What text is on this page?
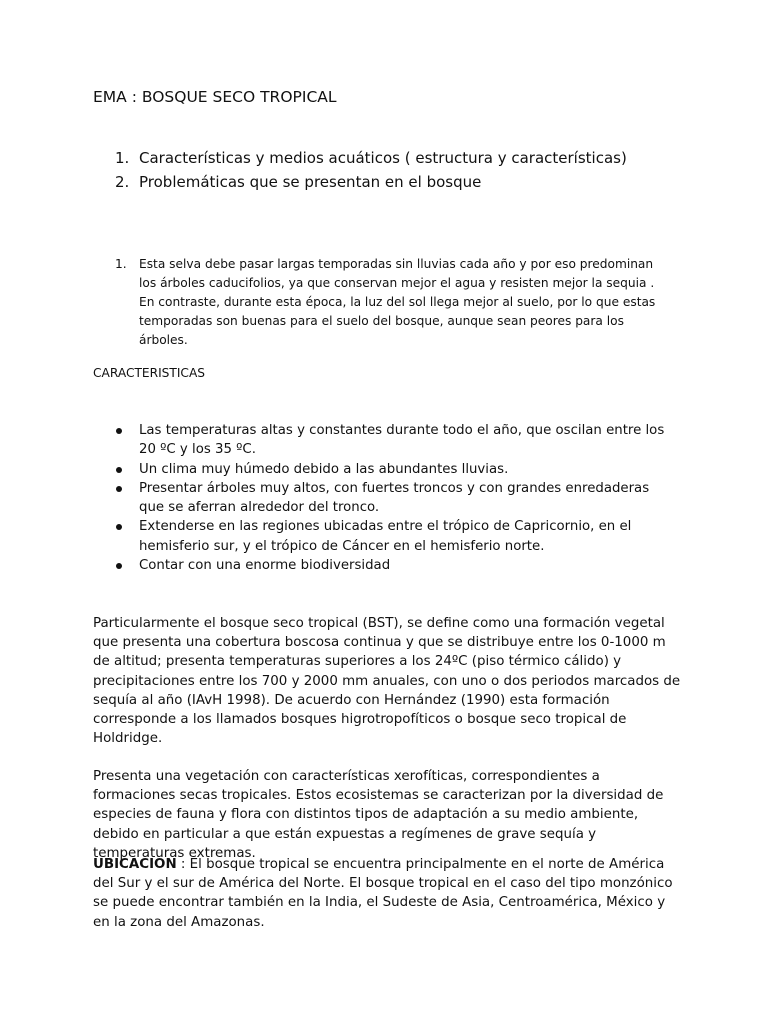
EMA : BOSQUE SECO TROPICAL
1. Características y medios acuáticos ( estructura y características)
2. Problemáticas que se presentan en el bosque
1. Esta selva debe pasar largas temporadas sin lluvias cada año y por eso predominan los árboles caducifolios, ya que conservan mejor el agua y resisten mejor la sequia . En contraste, durante esta época, la luz del sol llega mejor al suelo, por lo que estas temporadas son buenas para el suelo del bosque, aunque sean peores para los árboles.
CARACTERISTICAS
Las temperaturas altas y constantes durante todo el año, que oscilan entre los 20 ºC y los 35 ºC.
Un clima muy húmedo debido a las abundantes lluvias.
Presentar árboles muy altos, con fuertes troncos y con grandes enredaderas que se aferran alrededor del tronco.
Extenderse en las regiones ubicadas entre el trópico de Capricornio, en el hemisferio sur, y el trópico de Cáncer en el hemisferio norte.
Contar con una enorme biodiversidad

Particularmente el bosque seco tropical (BST), se define como una formación vegetal que presenta una cobertura boscosa continua y que se distribuye entre los 0-1000 m de altitud; presenta temperaturas superiores a los 24ºC (piso térmico cálido) y precipitaciones entre los 700 y 2000 mm anuales, con uno o dos periodos marcados de sequía al año (IAvH 1998). De acuerdo con Hernández (1990) esta formación corresponde a los llamados bosques higrotropofíticos o bosque seco tropical de Holdridge.

Presenta una vegetación con características xerofíticas, correspondientes a formaciones secas tropicales. Estos ecosistemas se caracterizan por la diversidad de especies de fauna y flora con distintos tipos de adaptación a su medio ambiente, debido en particular a que están expuestas a regímenes de grave sequía y temperaturas extremas.

UBICACION : El bosque tropical se encuentra principalmente en el norte de América del Sur y el sur de América del Norte. El bosque tropical en el caso del tipo monzónico se puede encontrar también en la India, el Sudeste de Asia, Centroamérica, México y en la zona del Amazonas.
